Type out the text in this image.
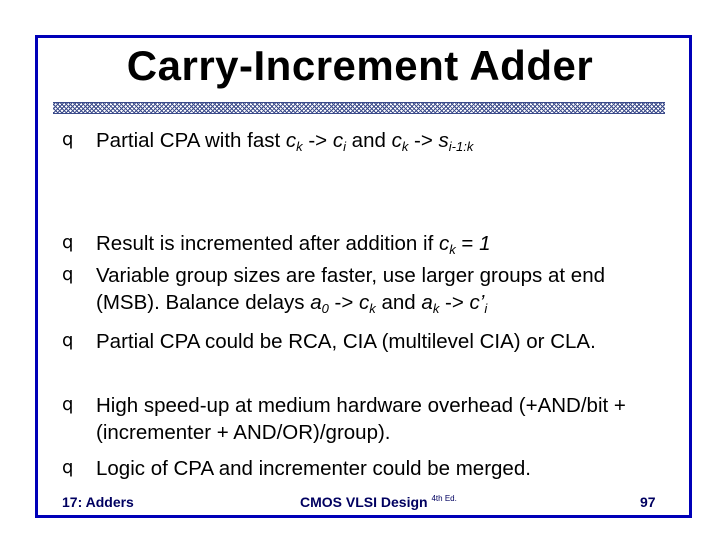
Carry-Increment Adder
q Partial CPA with fast $c_k -> c_i$ and $c_k -> s_{i-1:k}$
q Result is incremented after addition if $c_k = 1$
q Variable group sizes are faster, use larger groups at end (MSB). Balance delays $a_0 -> c_k$ and $a_k$ -> $c’_i$
q Partial CPA could be RCA, CIA (multilevel CIA) or CLA.
q High speed-up at medium hardware overhead (+AND/bit + (incrementer + AND/OR)/group).
q Logic of CPA and incrementer could be merged.
17: Adders	CMOS VLSI Design $^{4th Ed.}$	97
